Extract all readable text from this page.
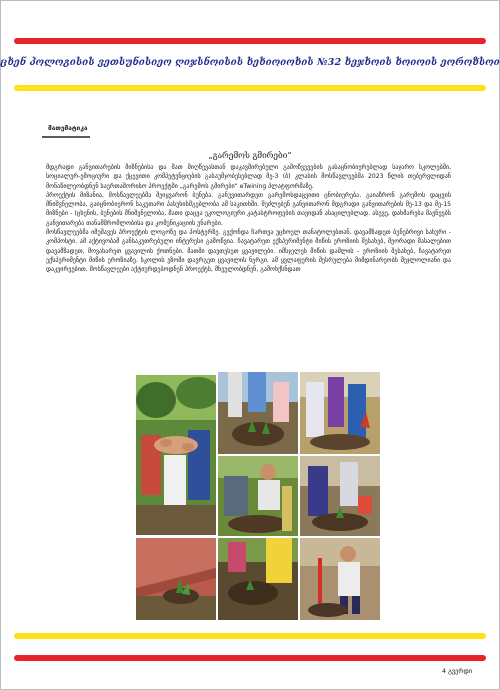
ცხენ პოლოგისის ვეთსუნისიეო ღიჯსნოისის ხეხიოიოხის №32 ხეჯხოის ხოიოის ეოროზსოი
მათემატიკა
„გარემოს გმირები“

მდგრადი განვითარების მიზნებისა და მათ მიღწევასთან დაკავშირებული გამოწვევების გასაცნობიერებლად საჯარო სკოლებში, სოციალურ-ემოციური და ქცევითი კომპეტენციების გასაუმჯობესებლად მე-3 (ბ) კლასის მოსწავლეებმა 2023 წლის თებერვლიდან მონაწილეობდნენ საერთაშორისო პროექტში „გარემოს გმირები“ eTwining პლატფორმაზე.

პროექტის მიზანია, მოსწავლეებმა შეიყვარონ ბუნება. განუვითარდეთ გარემოსდაცვითი ცნობიერება. გაიაზრონ გარემოს დაცვის მნიშვნელობა, გაიცნობიერონ საკუთარი პასუხისმგებლობა ამ საკითხში. შეძლებენ განვითარონ მდგრადი განვითარების მე-13 და მე-15 მიზნები - (ცხენის, ბუნების მნიშვნელობა, მათი დაცვა ეკოლოგიური კატასტროფების თავიდან ასაცილებლად. ასევე, დახმარება მავნეებს განვითარება თანამშრომლობისა და კომუნიკაციის უნარები.

მოსწავლეებმა იმუშავეს პროექტის ლოგოზე და პოსტერზე. გვქონდა ჩართვა უცხოელ თანატოლებთან. დავამზადეთ ბუნებრივი სახური - კომპოსტი. ამ აქტივობამ განსაკუთრებული ინტერესი გამოწვია. ჩავატარეთ ექსპერიმენტი მიწის ეროზიის შესახებ, მეორადი მასალებით დავამზადეთ, მოვახარეთ ყვავილის ქოთნები. მათში დავთესეთ ყვავილები. იმსჯელეს მიწის დაშლის - ეროზიის შესახებ, ჩავატარეთ ექსპერიმენტი მიწის ეროზიაზე. სკოლის ეზოში დავრგეთ ყვავილის ნერგი. ამ ყვლაფერის შესრულება მიმდინარეობს შეჯლოლიანი და დაკვირვებით. მოსწავლეები აქტიურდებოდნენ პროექტს, მხეულობდნენ, გამოხქსნდათ

4 გვერდი
